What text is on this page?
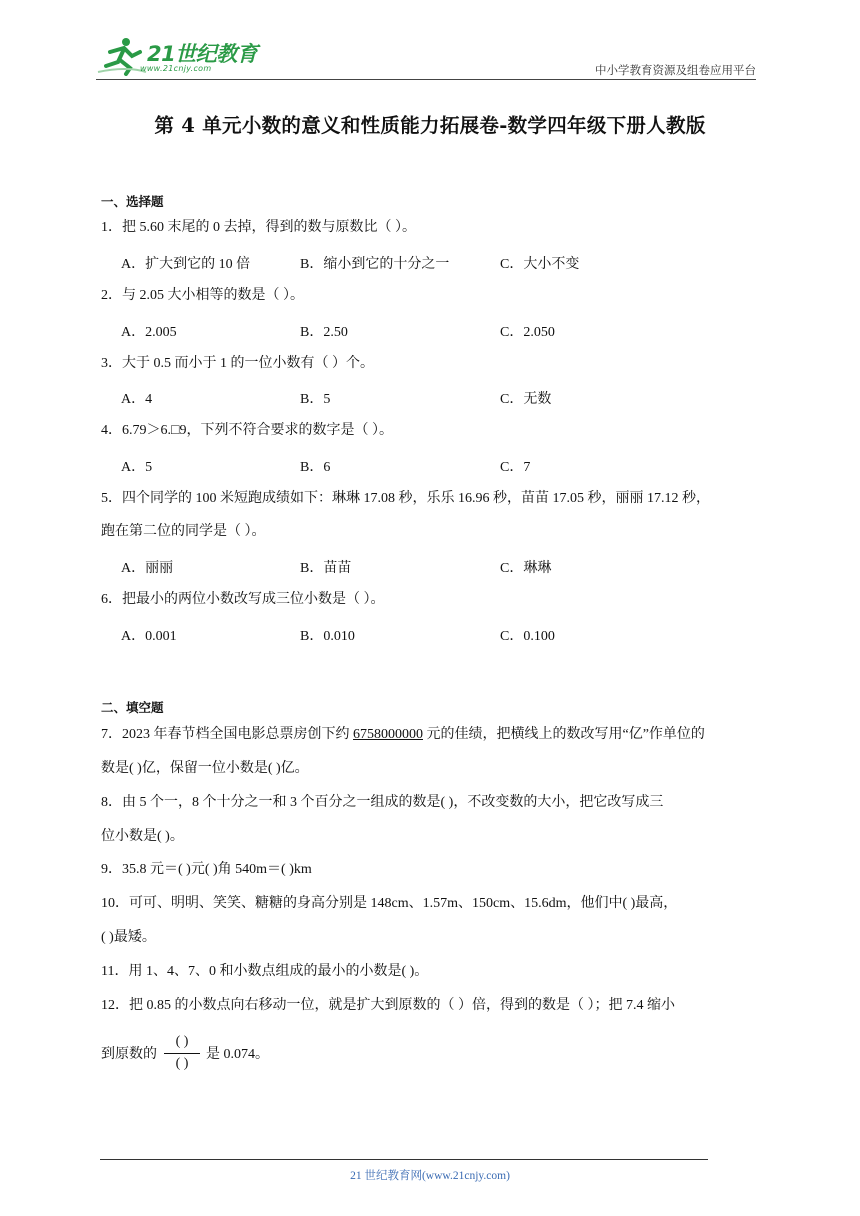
21世纪教育
www.21cnjy.com	中小学教育资源及组卷应用平台
第 4 单元小数的意义和性质能力拓展卷-数学四年级下册人教版
一、选择题
1．把 5.60 末尾的 0 去掉，得到的数与原数比（ ）。
A．扩大到它的 10 倍	B．缩小到它的十分之一	C．大小不变
2．与 2.05 大小相等的数是（ ）。
A．2.005	B．2.50	C．2.050
3．大于 0.5 而小于 1 的一位小数有（ ）个。
A．4	B．5	C．无数
4．6.79＞6.□9，下列不符合要求的数字是（ ）。
A．5	B．6	C．7
5．四个同学的 100 米短跑成绩如下：琳琳 17.08 秒，乐乐 16.96 秒，苗苗 17.05 秒，丽丽 17.12 秒，
跑在第二位的同学是（ ）。
A．丽丽	B．苗苗	C．琳琳
6．把最小的两位小数改写成三位小数是（ ）。
A．0.001	B．0.010	C．0.100
二、填空题
7．2023 年春节档全国电影总票房创下约 6758000000 元的佳绩，把横线上的数改写用“亿”作单位的
数是( )亿，保留一位小数是( )亿。
8．由 5 个一，8 个十分之一和 3 个百分之一组成的数是( )，不改变数的大小，把它改写成三
位小数是( )。
9．35.8 元＝( )元( )角 540m＝( )km
10．可可、明明、笑笑、糖糖的身高分别是 148cm、1.57m、150cm、15.6dm，他们中( )最高，
( )最矮。
11．用 1、4、7、0 和小数点组成的最小的小数是( )。
12．把 0.85 的小数点向右移动一位，就是扩大到原数的（ ）倍，得到的数是（ ）；把 7.4 缩小
到原数的
( )
( )
是 0.074。
21 世纪教育网(www.21cnjy.com)
